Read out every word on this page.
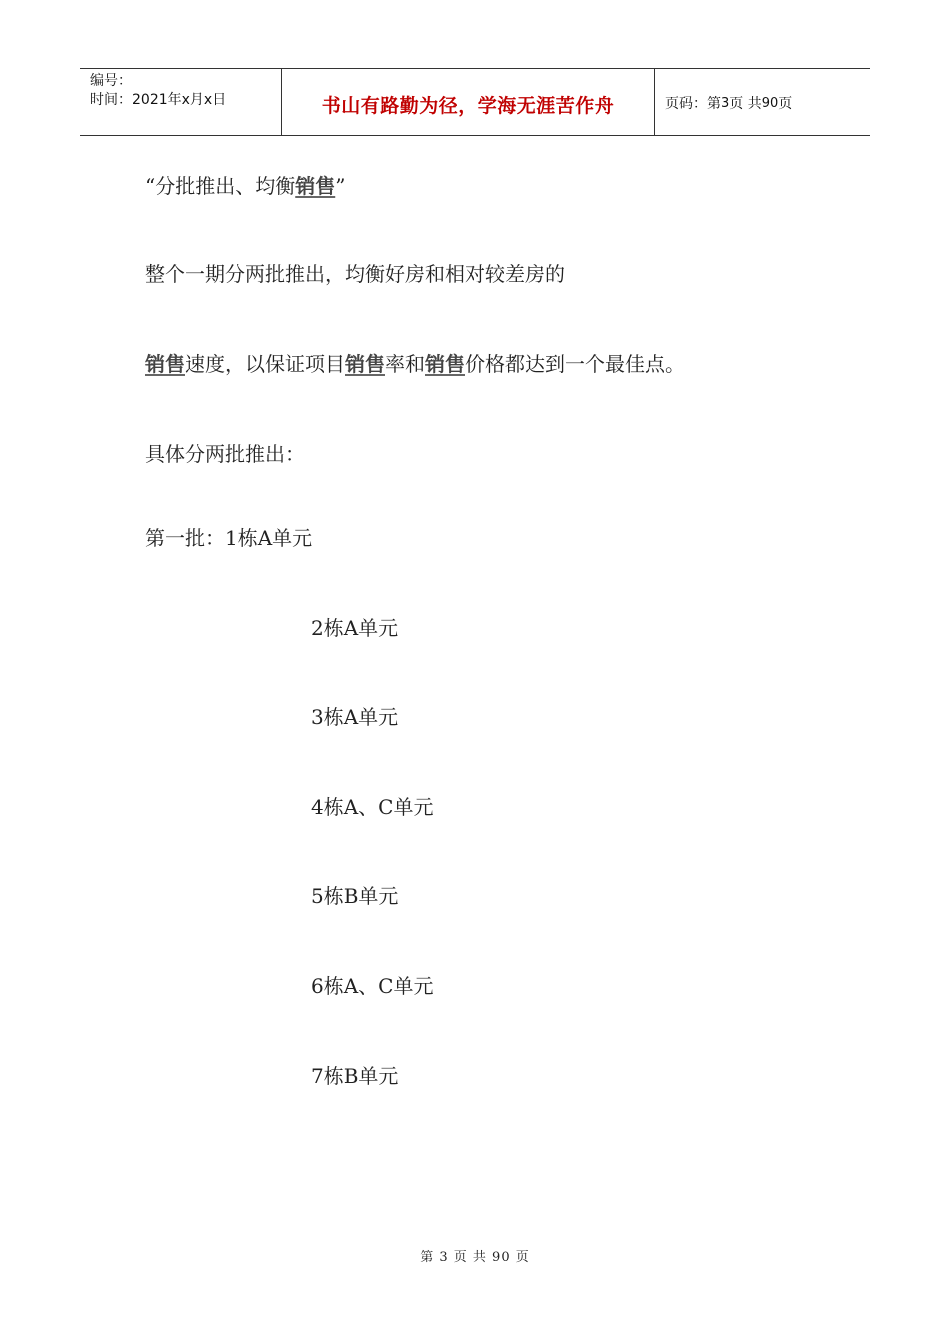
编号：
时间：2021年x月x日	书山有路勤为径，学海无涯苦作舟	页码：第 3 页 共 90 页
“分批推出、均衡销售”
整个一期分两批推出，均衡好房和相对较差房的
销售速度，以保证项目销售率和销售价格都达到一个最佳点。
具体分两批推出：
第一批：1栋A单元
2栋A单元
3栋A单元
4栋A、C单元
5栋B单元
6栋A、C单元
7栋B单元
第 3 页 共 90 页
